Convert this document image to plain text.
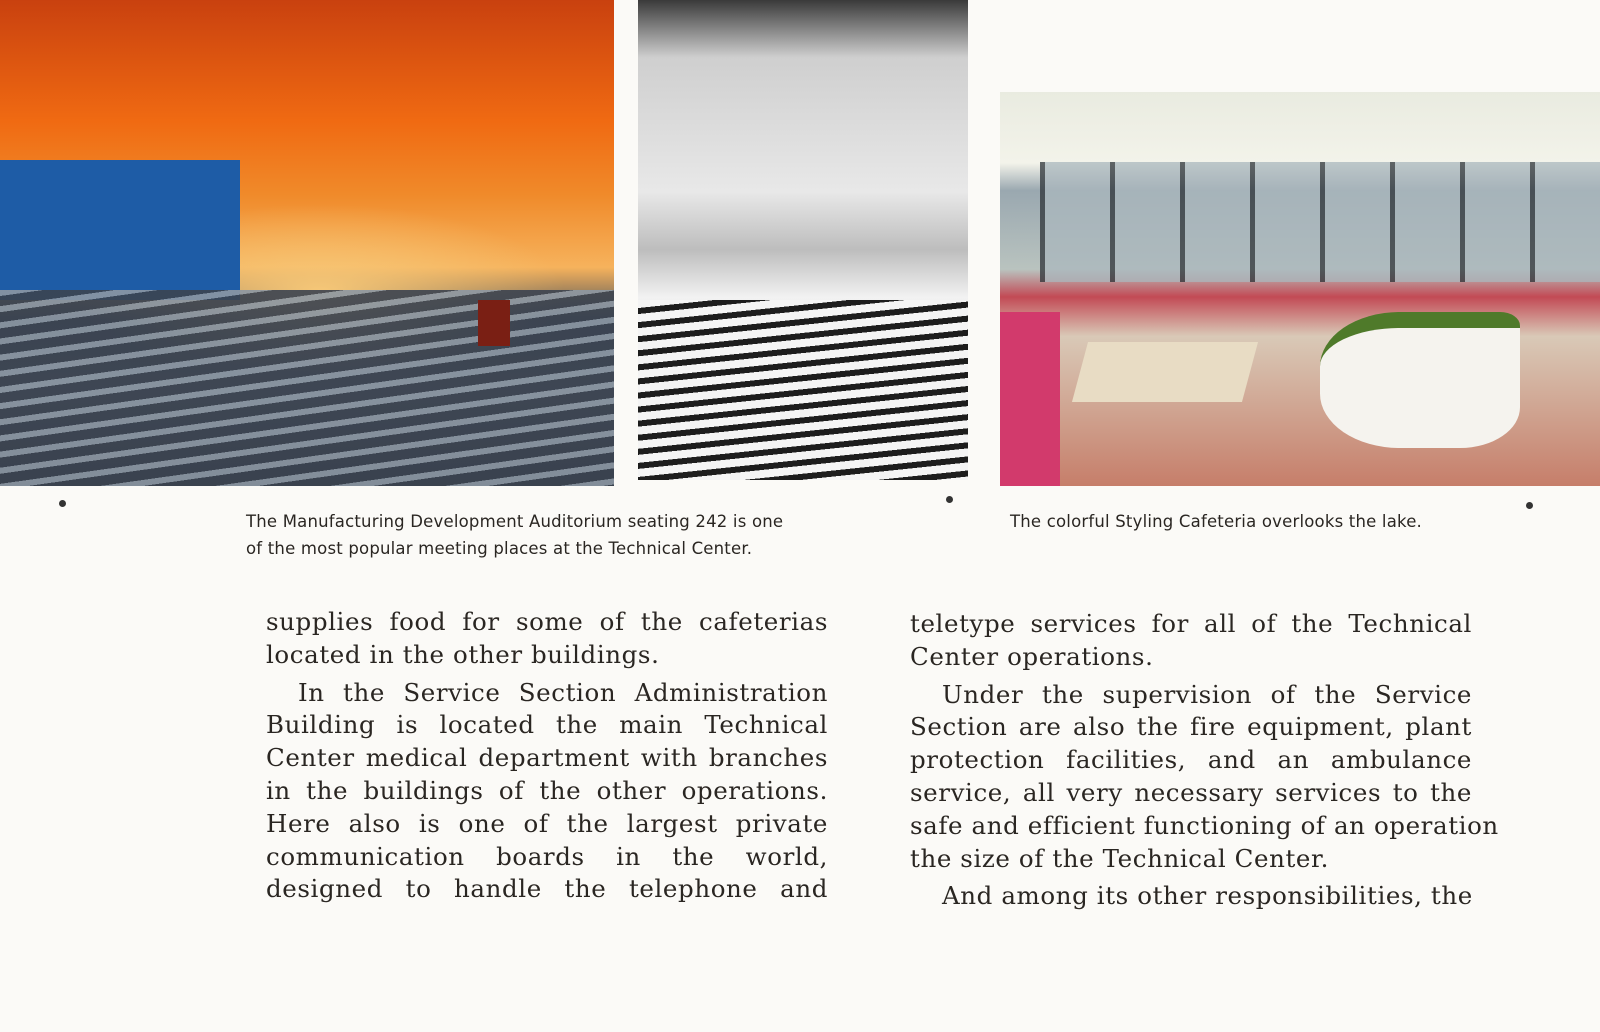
The Manufacturing Development Auditorium seating 242 is one
of the most popular meeting places at the Technical Center.
The colorful Styling Cafeteria overlooks the lake.
supplies food for some of the cafeterias
located in the other buildings.
In the Service Section Administration
Building is located the main Technical
Center medical department with branches
in the buildings of the other operations.
Here also is one of the largest private
communication boards in the world,
designed to handle the telephone and
teletype services for all of the Technical
Center operations.
Under the supervision of the Service
Section are also the fire equipment, plant
protection facilities, and an ambulance
service, all very necessary services to the
safe and efficient functioning of an operation
the size of the Technical Center.
And among its other responsibilities, the
